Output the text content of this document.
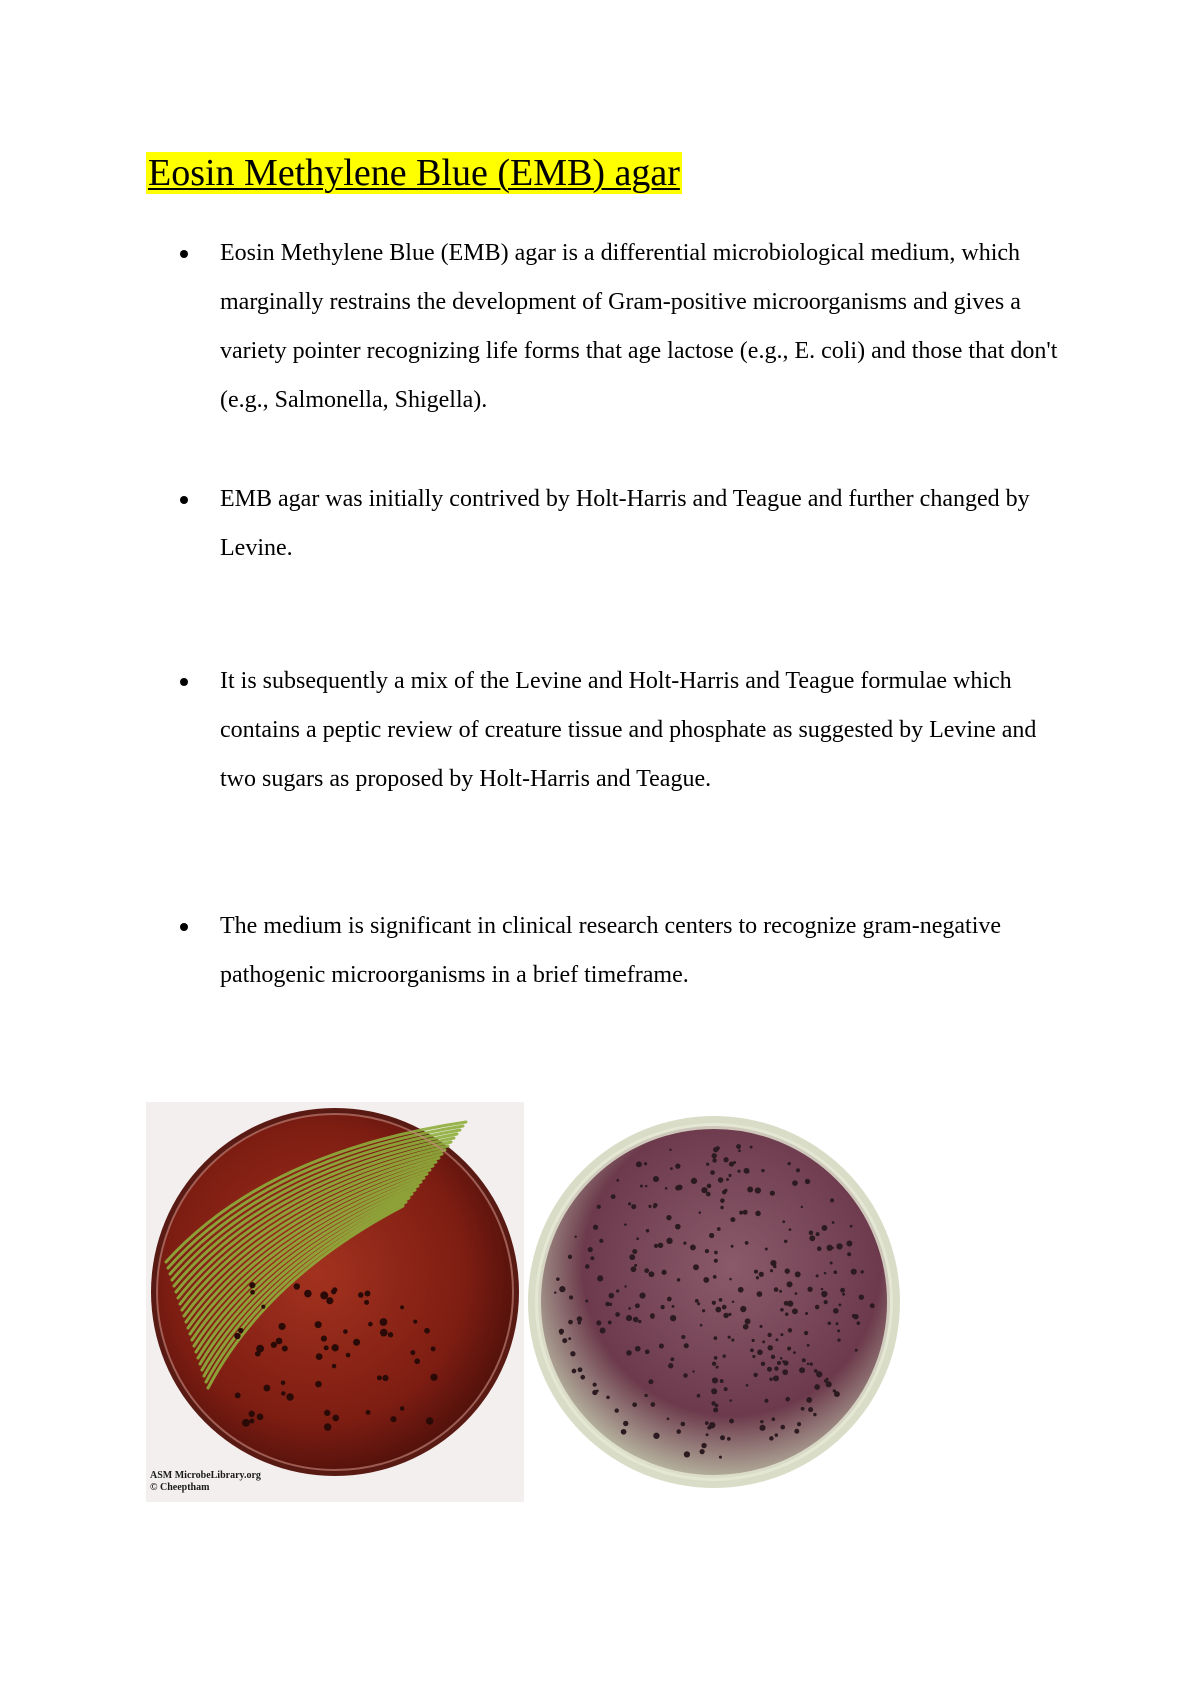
Eosin Methylene Blue (EMB) agar
Eosin Methylene Blue (EMB) agar is a differential microbiological medium, which marginally restrains the development of Gram-positive microorganisms and gives a variety pointer recognizing life forms that age lactose (e.g., E. coli) and those that don't (e.g., Salmonella, Shigella).
EMB agar was initially contrived by Holt-Harris and Teague and further changed by Levine.
It is subsequently a mix of the Levine and Holt-Harris and Teague formulae which contains a peptic review of creature tissue and phosphate as suggested by Levine and two sugars as proposed by Holt-Harris and Teague.
The medium is significant in clinical research centers to recognize gram-negative pathogenic microorganisms in a brief timeframe.
ASM MicrobeLibrary.org
© Cheeptham
